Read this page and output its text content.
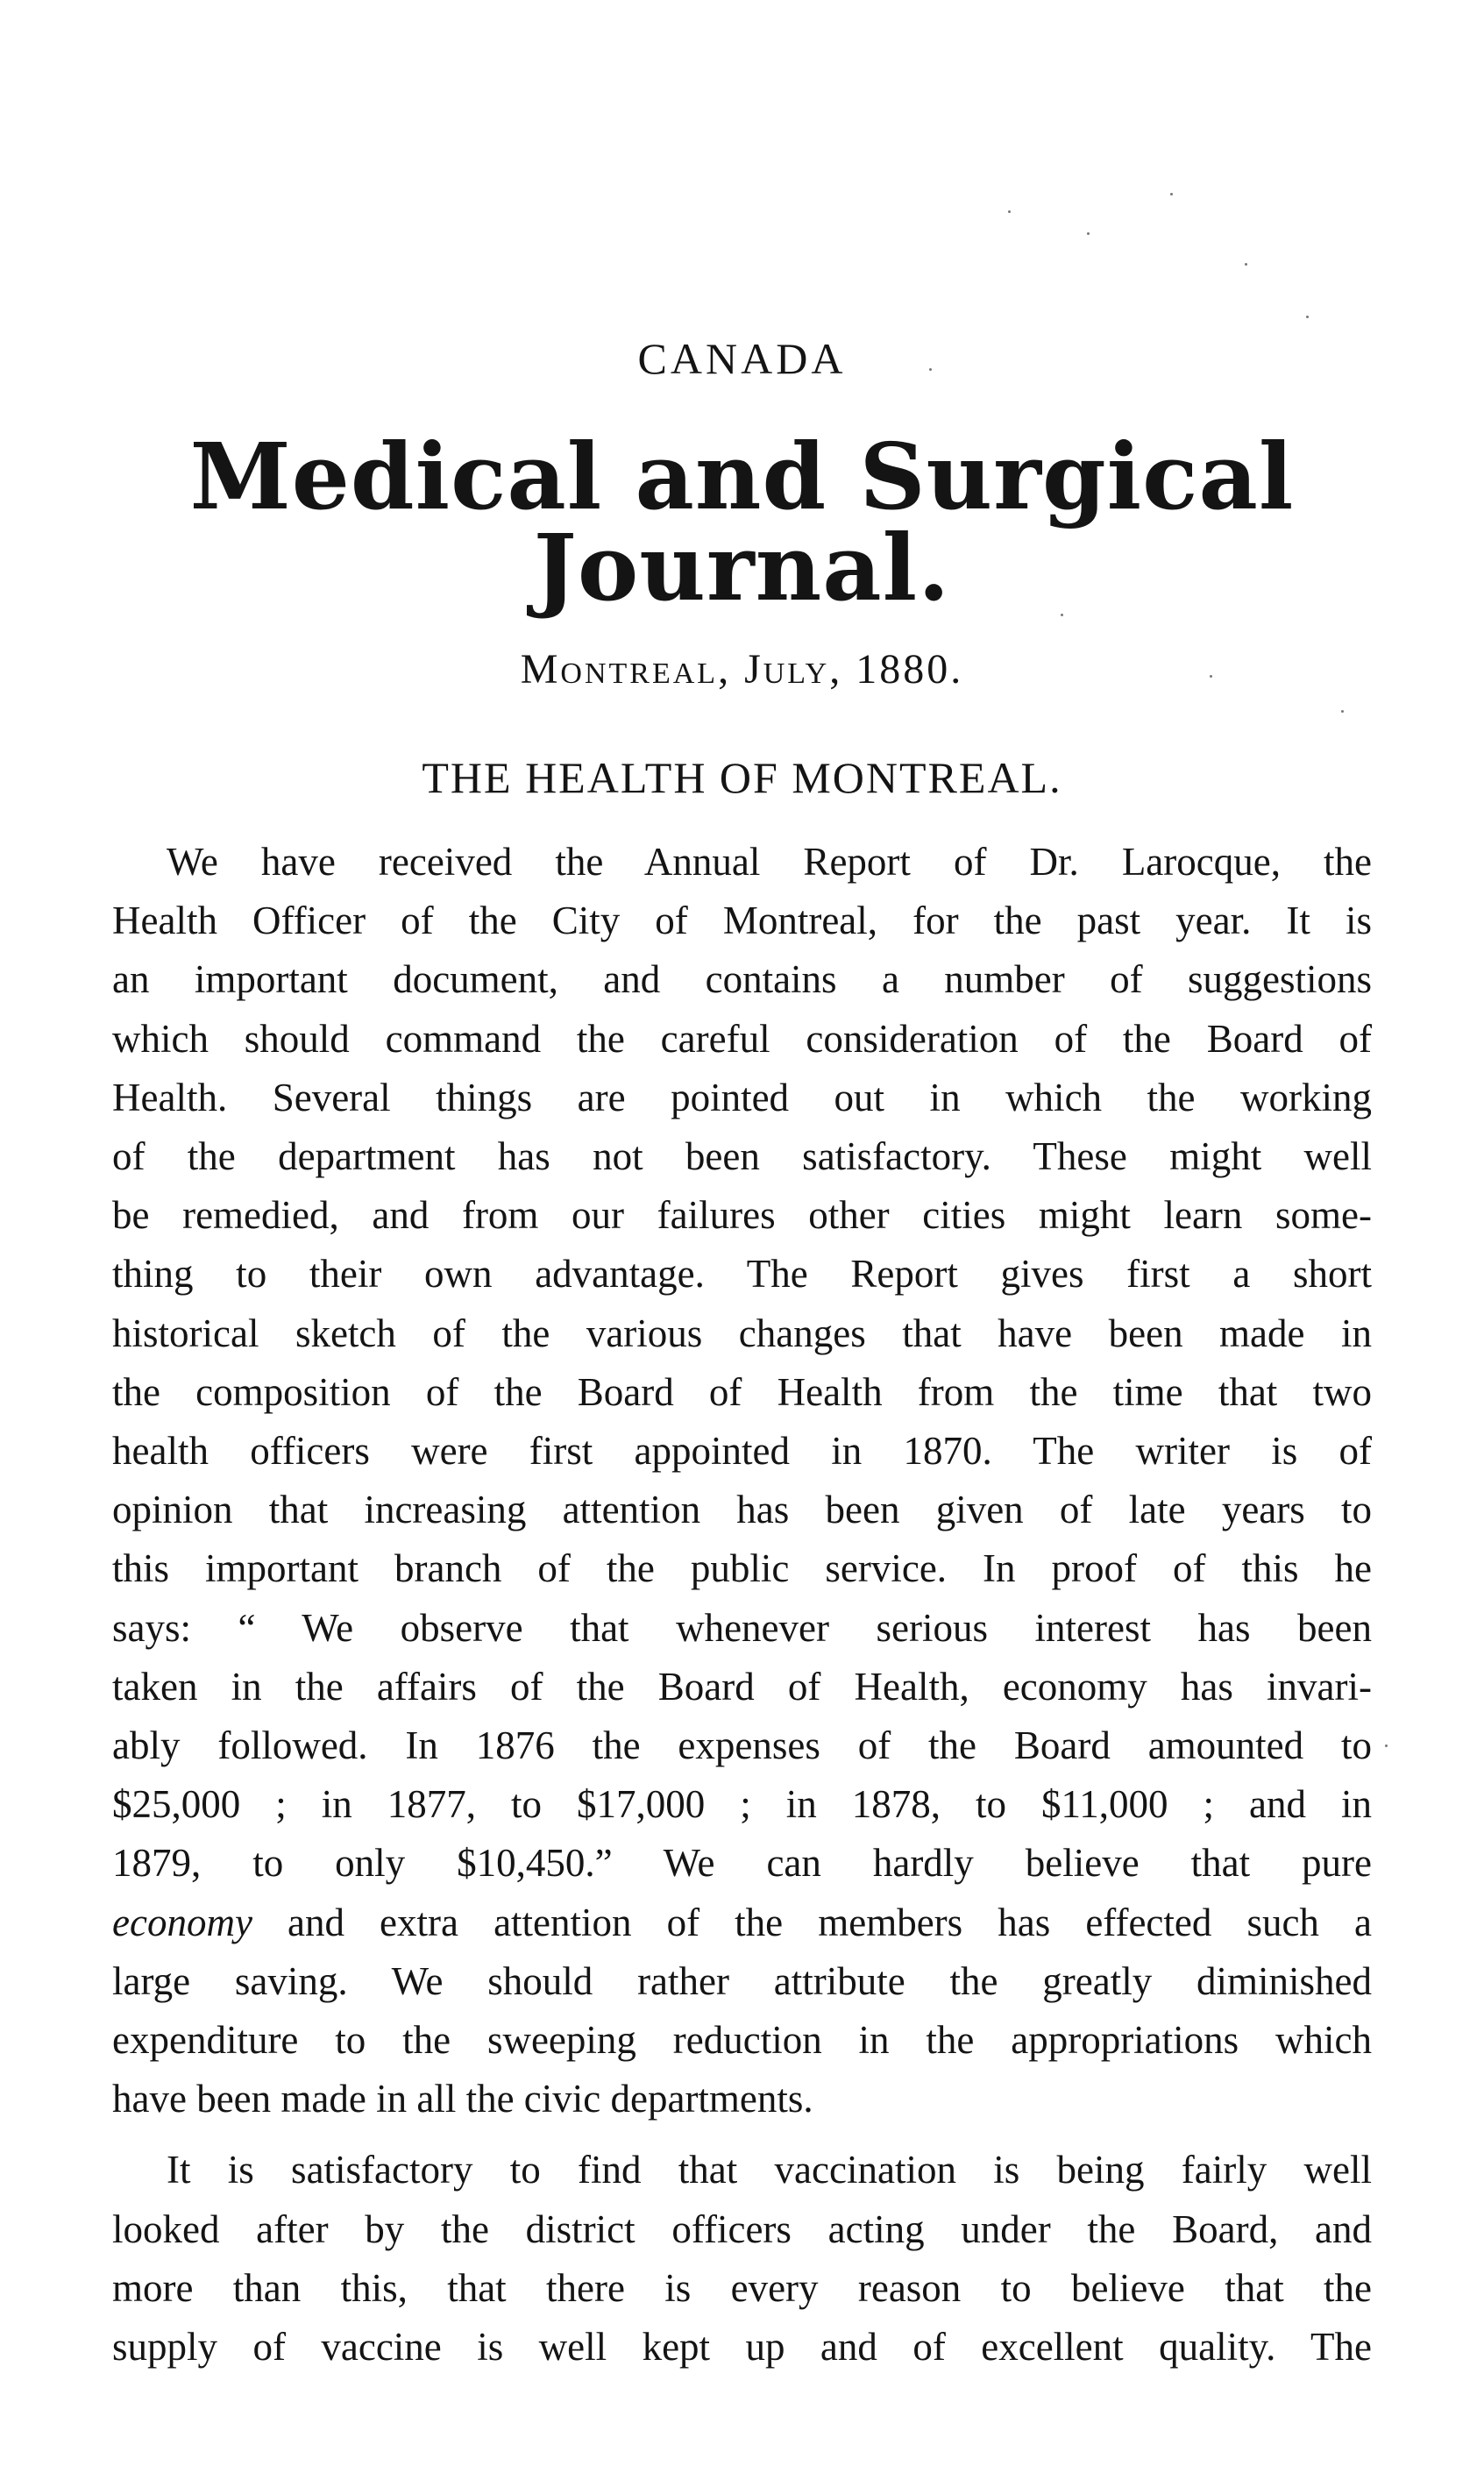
CANADA
Medical and Surgical Journal.
Montreal, July, 1880.
THE HEALTH OF MONTREAL.
We have received the Annual Report of Dr. Larocque, the
Health Officer of the City of Montreal, for the past year. It is
an important document, and contains a number of suggestions
which should command the careful consideration of the Board of
Health. Several things are pointed out in which the working
of the department has not been satisfactory. These might well
be remedied, and from our failures other cities might learn some-
thing to their own advantage. The Report gives first a short
historical sketch of the various changes that have been made in
the composition of the Board of Health from the time that two
health officers were first appointed in 1870. The writer is of
opinion that increasing attention has been given of late years to
this important branch of the public service. In proof of this he
says: “ We observe that whenever serious interest has been
taken in the affairs of the Board of Health, economy has invari-
ably followed. In 1876 the expenses of the Board amounted to
$25,000 ; in 1877, to $17,000 ; in 1878, to $11,000 ; and in
1879, to only $10,450.” We can hardly believe that pure
economy and extra attention of the members has effected such a
large saving. We should rather attribute the greatly diminished
expenditure to the sweeping reduction in the appropriations which
have been made in all the civic departments.
It is satisfactory to find that vaccination is being fairly well
looked after by the district officers acting under the Board, and
more than this, that there is every reason to believe that the
supply of vaccine is well kept up and of excellent quality. The
